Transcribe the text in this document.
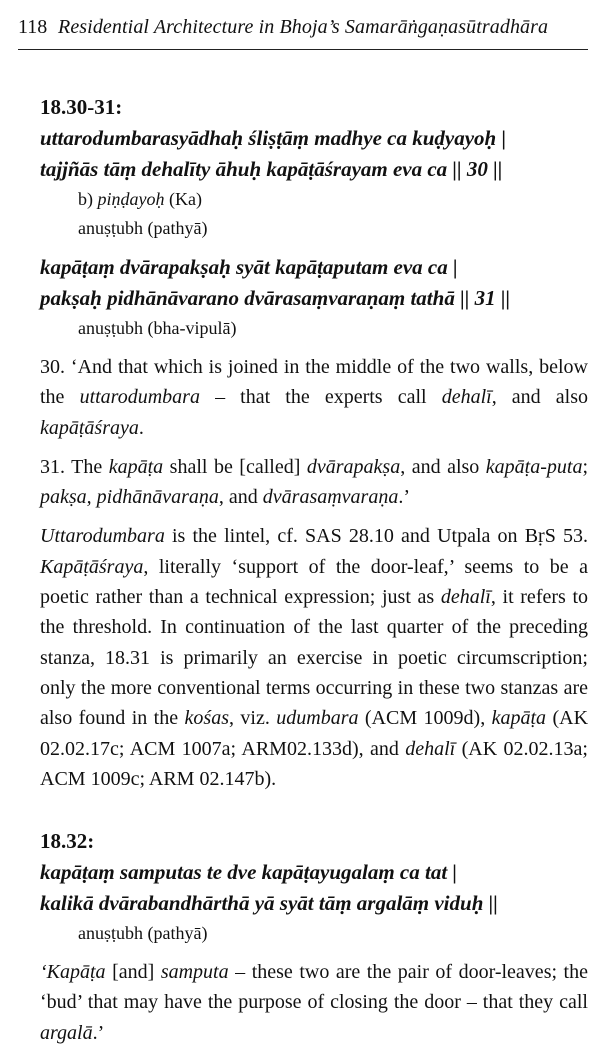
118 Residential Architecture in Bhoja’s Samarāṅgaṇasūtradhāra
18.30-31:
uttarodumbarasyādhaḥ śliṣṭāṃ madhye ca kuḍyayoḥ |
tajjñās tāṃ dehalīty āhuḥ kapāṭāśrayam eva ca || 30 ||
b) piṇḍayoḥ (Ka)
anuṣṭubh (pathyā)
kapāṭaṃ dvārapakṣaḥ syāt kapāṭaputam eva ca |
pakṣaḥ pidhānāvarano dvārasaṃvaraṇaṃ tathā || 31 ||
anuṣṭubh (bha-vipulā)

30. ‘And that which is joined in the middle of the two walls, below the uttarodumbara – that the experts call dehalī, and also kapāṭāśraya.

31. The kapāṭa shall be [called] dvārapakṣa, and also kapāṭa-puta; pakṣa, pidhānāvaraṇa, and dvārasaṃvaraṇa.’

Uttarodumbara is the lintel, cf. SAS 28.10 and Utpala on BṛS 53. Kapāṭāśraya, literally ‘support of the door-leaf,’ seems to be a poetic rather than a technical expression; just as dehalī, it refers to the threshold. In continuation of the last quarter of the preceding stanza, 18.31 is primarily an exercise in poetic circumscription; only the more conventional terms occurring in these two stanzas are also found in the kośas, viz. udumbara (ACM 1009d), kapāṭa (AK 02.02.17c; ACM 1007a; ARM02.133d), and dehalī (AK 02.02.13a; ACM 1009c; ARM 02.147b).

18.32:
kapāṭaṃ samputas te dve kapāṭayugalaṃ ca tat |
kalikā dvārabandhārthā yā syāt tāṃ argalāṃ viduḥ ||
anuṣṭubh (pathyā)

‘Kapāṭa [and] samputa – these two are the pair of door-leaves; the ‘bud’ that may have the purpose of closing the door – that they call argalā.’
